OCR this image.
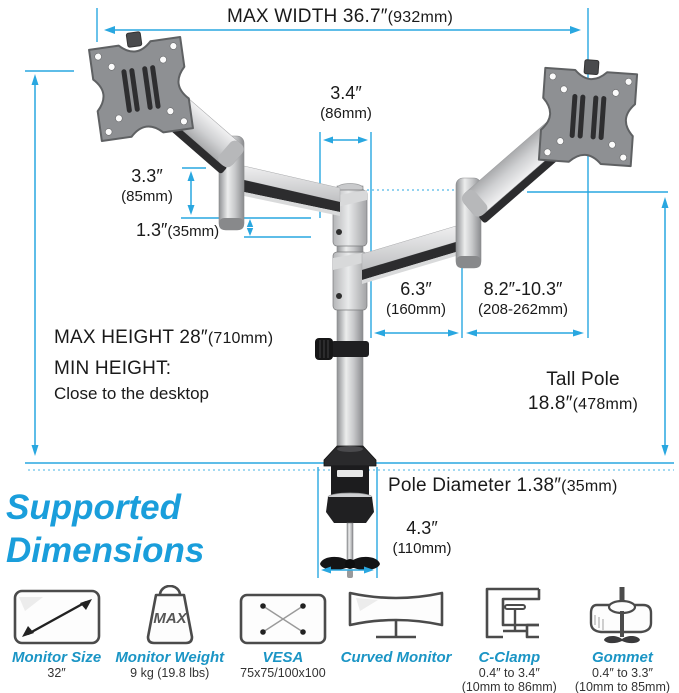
MAX WIDTH 36.7″(932mm)
3.4″
(86mm)
3.3″
(85mm)
1.3″(35mm)
6.3″
(160mm)
8.2″-10.3″
(208-262mm)
MAX HEIGHT 28″(710mm)
MIN HEIGHT:
Close to the desktop
Tall Pole
18.8″(478mm)
Pole Diameter 1.38″(35mm)
4.3″
(110mm)
Supported
Dimensions
Monitor Size
32″
MAX
Monitor Weight
9 kg (19.8 lbs)
VESA
75x75/100x100
Curved Monitor C-Clamp
0.4″ to 3.4″
(10mm to 86mm)
Gommet
0.4″ to 3.3″
(10mm to 85mm)
